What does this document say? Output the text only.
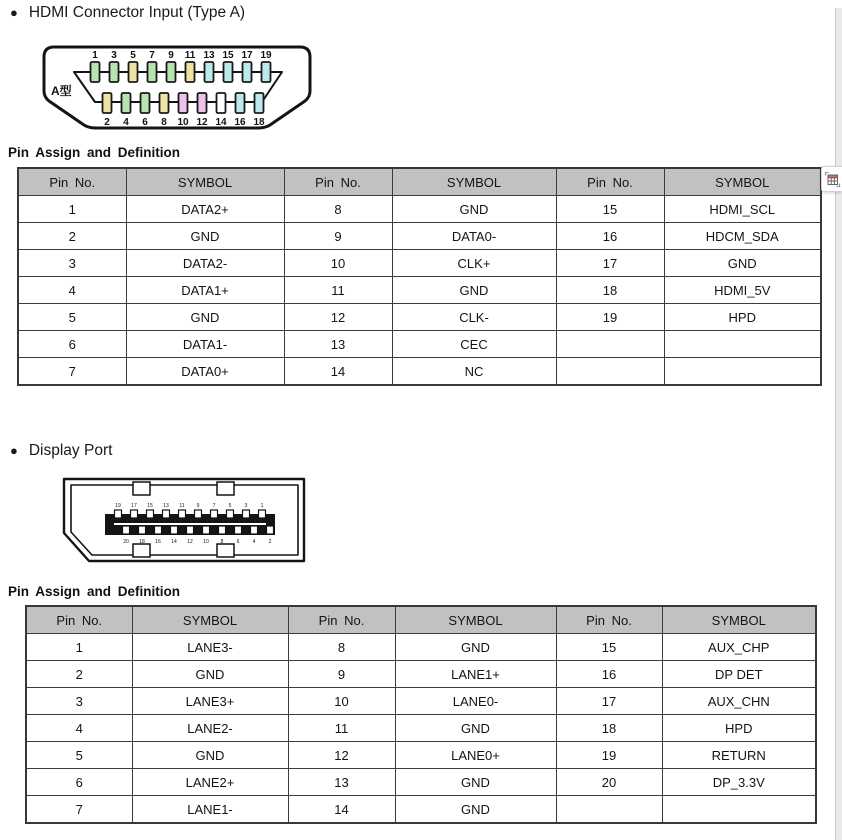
● HDMI Connector Input (Type A)
1 3 5 7 9 11 13 15 17 19
2 4 6 8 10 12 14 16 18
A型
Pin Assign and Definition
Pin No.	SYMBOL	Pin No.	SYMBOL	Pin No.	SYMBOL
1	DATA2+	8	GND	15	HDMI_SCL
2	GND	9	DATA0-	16	HDCM_SDA
3	DATA2-	10	CLK+	17	GND
4	DATA1+	11	GND	18	HDMI_5V
5	GND	12	CLK-	19	HPD
6	DATA1-	13	CEC		
7	DATA0+	14	NC		
● Display Port
19 17 15 13 11 9	7	5	3	1
20 18 16 14 12 10 8	6	4	2
Pin Assign and Definition
Pin No.	SYMBOL	Pin No.	SYMBOL	Pin No.	SYMBOL
1	LANE3-	8	GND	15	AUX_CHP
2	GND	9	LANE1+	16	DP DET
3	LANE3+	10	LANE0-	17	AUX_CHN
4	LANE2-	11	GND	18	HPD
5	GND	12	LANE0+	19	RETURN
6	LANE2+	13	GND	20	DP_3.3V
7	LANE1-	14	GND		
